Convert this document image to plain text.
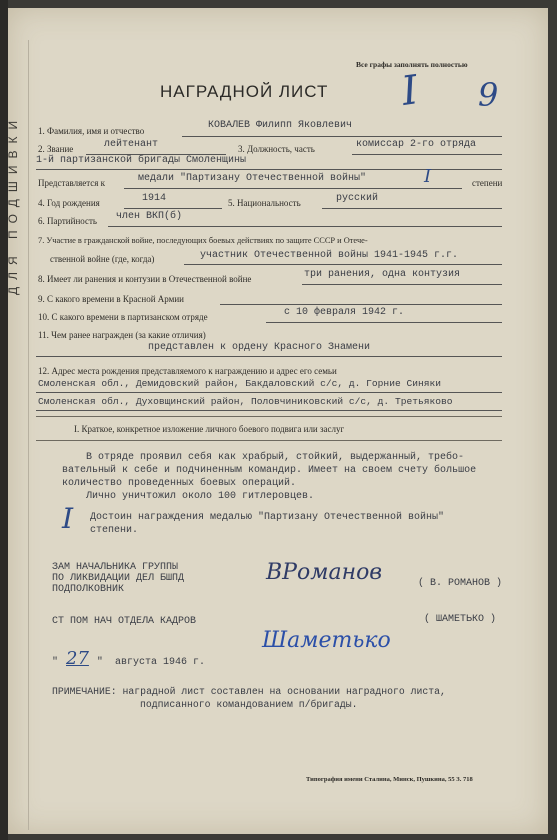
ДЛЯ ПОДШИВКИ
Все графы заполнять полностью
НАГРАДНОЙ ЛИСТ I 9
1. Фамилия, имя и отчество	КОВАЛЕВ Филипп Яковлевич
2. Звание	лейтенант	3. Должность, часть	комиссар 2-го отряда
1-й партизанской бригады Смоленщины
Представляется к	медали "Партизану Отечественной войны"	I	степени
4. Год рождения	1914	5. Национальность	русский
6. Партийность член ВКП(б)
7. Участие в гражданской войне, последующих боевых действиях по защите СССР и Отече-
ственной войне (где, когда)	участник Отечественной войны 1941-1945 г.г.
8. Имеет ли ранения и контузии в Отечественной войне	три ранения, одна контузия
9. С какого времени в Красной Армии
10. С какого времени в партизанском отряде	с 10 февраля 1942 г.
11. Чем ранее награжден (за какие отличия)
представлен к ордену Красного Знамени
12. Адрес места рождения представляемого к награждению и адрес его семьи
Смоленская обл., Демидовский район, Бакдаловский с/с, д. Горние Синяки
Смоленская обл., Духовщинский район, Половчиниковский с/с, д. Третьяково
I. Краткое, конкретное изложение личного боевого подвига или заслуг
В отряде проявил себя как храбрый, стойкий, выдержанный, требо-
вательный к себе и подчиненным командир. Имеет на своем счету большое
количество проведенных боевых операций.
Лично уничтожил около 100 гитлеровцев.
I Достоин награждения медалью "Партизану Отечественной войны"
степени.
ЗАМ НАЧАЛЬНИКА ГРУППЫ
ПО ЛИКВИДАЦИИ ДЕЛ БШПД
ПОДПОЛКОВНИК
ВРоманов	( В. РОМАНОВ )
СТ ПОМ НАЧ ОТДЕЛА КАДРОВ
Шаметько
( ШАМЕТЬКО )
" 27 " августа 1946 г.
ПРИМЕЧАНИЕ: наградной лист составлен на основании наградного листа,
подписанного командованием п/бригады.
Типография имени Сталина, Минск, Пушкина, 55 З. 718
